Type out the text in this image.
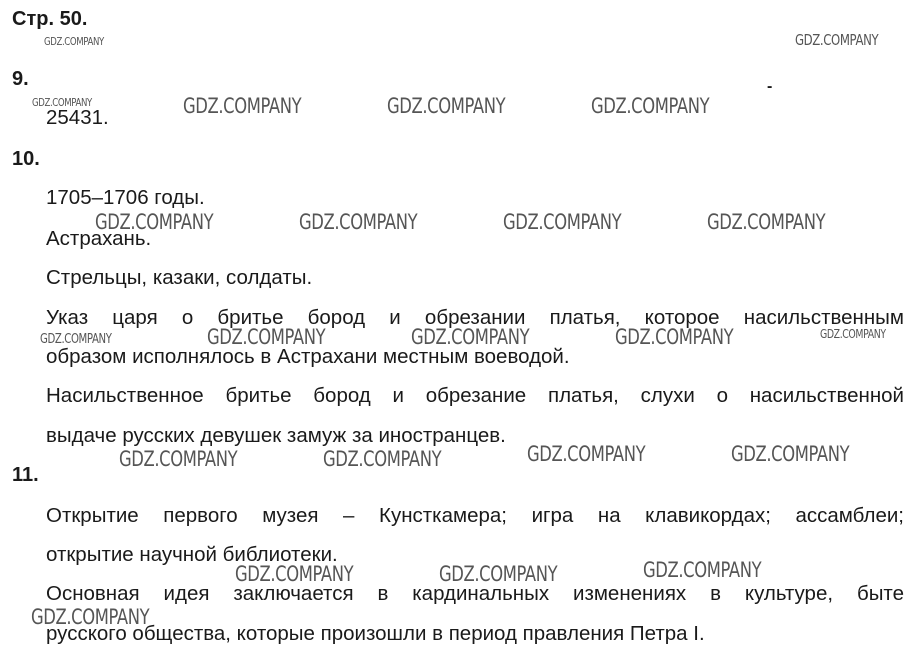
Стр. 50.

9.

25431.

10.

1705–1706 годы.

Астрахань.

Стрельцы, казаки, солдаты.

Указ царя о бритье бород и обрезании платья, которое насильственным

образом исполнялось в Астрахани местным воеводой.

Насильственное бритье бород и обрезание платья, слухи о насильственной

выдаче русских девушек замуж за иностранцев.

11.

Открытие первого музея – Кунсткамера; игра на клавикордах; ассамблеи;

открытие научной библиотеки.

Основная идея заключается в кардинальных изменениях в культуре, быте

русского общества, которые произошли в период правления Петра I.

-
GDZ.COMPANY	GDZ.COMPANY
GDZ.COMPANY	GDZ.COMPANY	GDZ.COMPANY	GDZ.COMPANY
GDZ.COMPANY	GDZ.COMPANY	GDZ.COMPANY	GDZ.COMPANY
GDZ.COMPANY	GDZ.COMPANY	GDZ.COMPANY	GDZ.COMPANY	GDZ.COMPANY
GDZ.COMPANY	GDZ.COMPANY	GDZ.COMPANY	GDZ.COMPANY
GDZ.COMPANY	GDZ.COMPANY	GDZ.COMPANY
GDZ.COMPANY
